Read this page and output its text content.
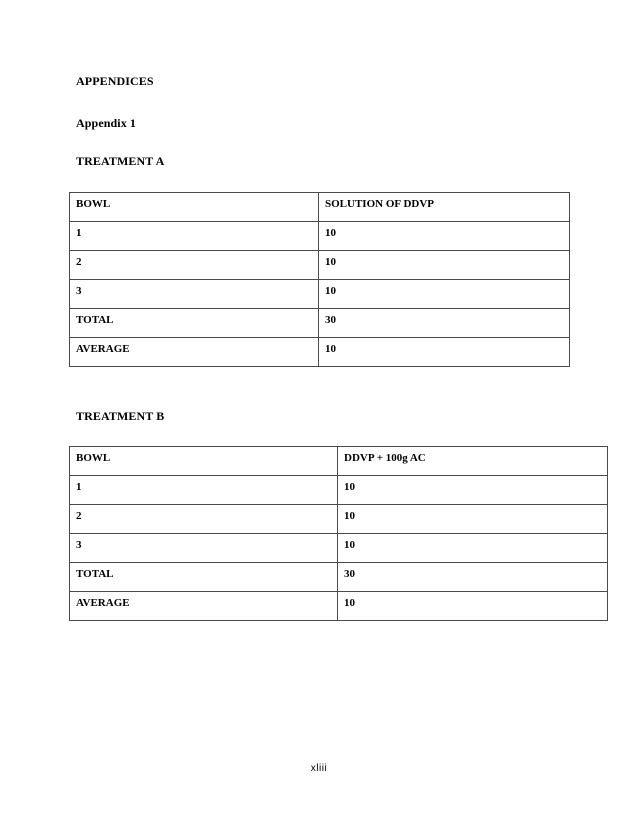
APPENDICES
Appendix 1
TREATMENT A
BOWL	SOLUTION OF DDVP
1	10
2	10
3	10
TOTAL	30
AVERAGE	10
TREATMENT B
BOWL	DDVP + 100g AC
1	10
2	10
3	10
TOTAL	30
AVERAGE	10
xliii
